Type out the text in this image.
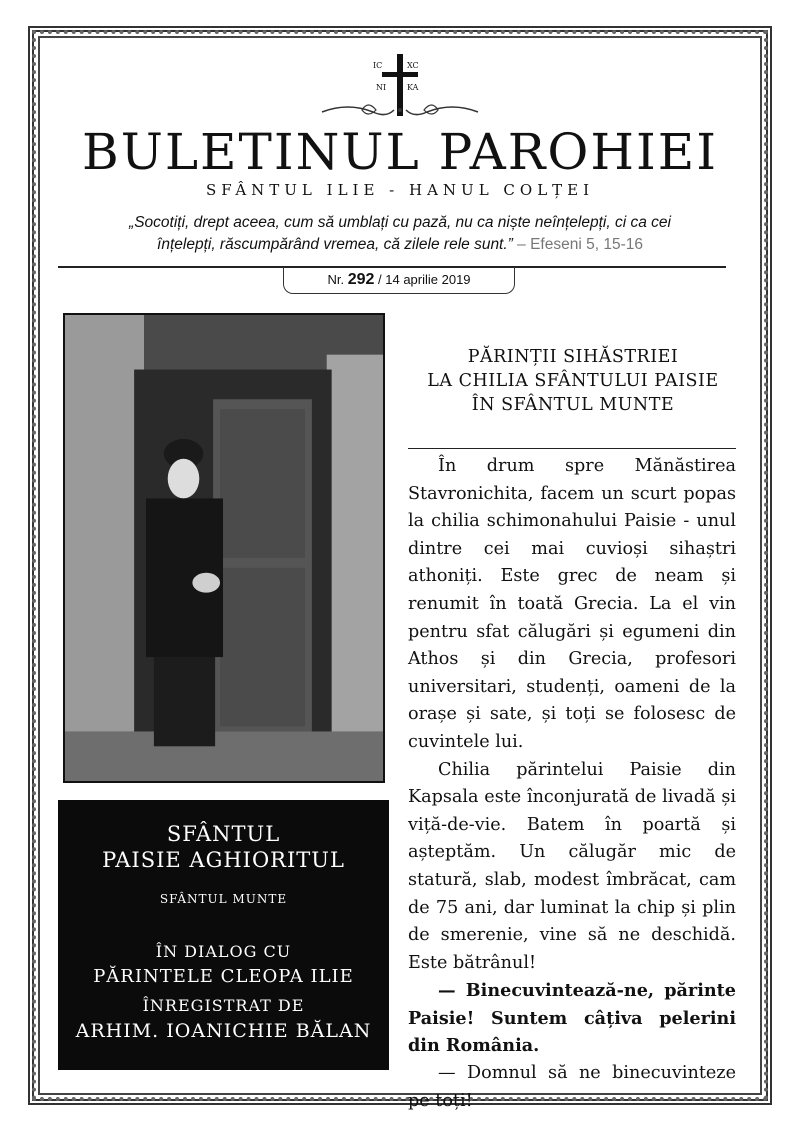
IC	XC
NI	KA
BULETINUL PAROHIEI
SFÂNTUL ILIE - HANUL COLȚEI
„Socotiți, drept aceea, cum să umblați cu pază, nu ca niște neînțelepți, ci ca cei
înțelepți, răscumpărând vremea, că zilele rele sunt.” – Efeseni 5, 15-16
Nr. 292 / 14 aprilie 2019
SFÂNTUL
PAISIE AGHIORITUL
SFÂNTUL MUNTE
ÎN DIALOG CU
PĂRINTELE CLEOPA ILIE
ÎNREGISTRAT DE
ARHIM. IOANICHIE BĂLAN
PĂRINȚII SIHĂSTRIEI
LA CHILIA SFÂNTULUI PAISIE
ÎN SFÂNTUL MUNTE

În drum spre Mănăstirea Stavronichita, facem un scurt popas la chilia schimonahului Paisie - unul dintre cei mai cuvioși sihaștri athoniți. Este grec de neam și renumit în toată Grecia. La el vin pentru sfat călugări și egumeni din Athos și din Grecia, profesori universitari, studenți, oameni de la orașe și sate, și toți se folosesc de cuvintele lui.

Chilia părintelui Paisie din Kapsala este înconjurată de livadă și viță-de-vie. Batem în poartă și așteptăm. Un călugăr mic de statură, slab, modest îmbrăcat, cam de 75 ani, dar luminat la chip și plin de smerenie, vine să ne deschidă. Este bătrânul!

— Binecuvintează-ne, părinte Paisie! Suntem câțiva pelerini din România.

— Domnul să ne binecuvinteze pe toți!
